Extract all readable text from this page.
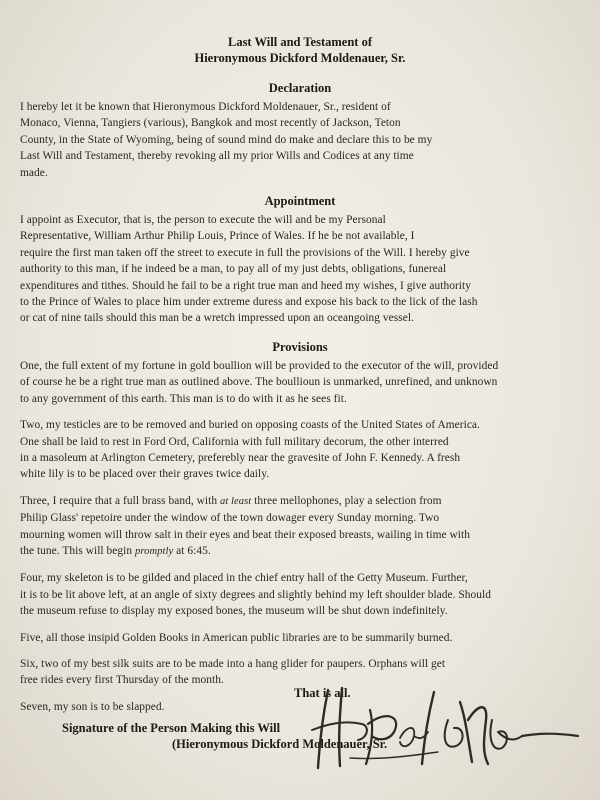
Last Will and Testament of
Hieronymous Dickford Moldenauer, Sr.
Declaration

I hereby let it be known that Hieronymous Dickford Moldenauer, Sr., resident of
Monaco, Vienna, Tangiers (various), Bangkok and most recently of Jackson, Teton
County, in the State of Wyoming, being of sound mind do make and declare this to be my
Last Will and Testament, thereby revoking all my prior Wills and Codices at any time
made.

Appointment

I appoint as Executor, that is, the person to execute the will and be my Personal
Representative, William Arthur Philip Louis, Prince of Wales. If he be not available, I
require the first man taken off the street to execute in full the provisions of the Will. I hereby give
authority to this man, if he indeed be a man, to pay all of my just debts, obligations, funereal
expenditures and tithes. Should he fail to be a right true man and heed my wishes, I give authority
to the Prince of Wales to place him under extreme duress and expose his back to the lick of the lash
or cat of nine tails should this man be a wretch impressed upon an oceangoing vessel.

Provisions

One, the full extent of my fortune in gold boullion will be provided to the executor of the will, provided
of course he be a right true man as outlined above. The boullioun is unmarked, unrefined, and unknown
to any government of this earth. This man is to do with it as he sees fit.

Two, my testicles are to be removed and buried on opposing coasts of the United States of America.
One shall be laid to rest in Ford Ord, California with full military decorum, the other interred
in a masoleum at Arlington Cemetery, preferebly near the gravesite of John F. Kennedy. A fresh
white lily is to be placed over their graves twice daily.

Three, I require that a full brass band, with at least three mellophones, play a selection from
Philip Glass' repetoire under the window of the town dowager every Sunday morning. Two
mourning women will throw salt in their eyes and beat their exposed breasts, wailing in time with
the tune. This will begin promptly at 6:45.

Four, my skeleton is to be gilded and placed in the chief entry hall of the Getty Museum. Further,
it is to be lit above left, at an angle of sixty degrees and slightly behind my left shoulder blade. Should
the museum refuse to display my exposed bones, the museum will be shut down indefinitely.

Five, all those insipid Golden Books in American public libraries are to be summarily burned.

Six, two of my best silk suits are to be made into a hang glider for paupers. Orphans will get
free rides every first Thursday of the month.

Seven, my son is to be slapped.

That is all.
Signature of the Person Making this Will
(Hieronymous Dickford Moldenauer, Sr.
